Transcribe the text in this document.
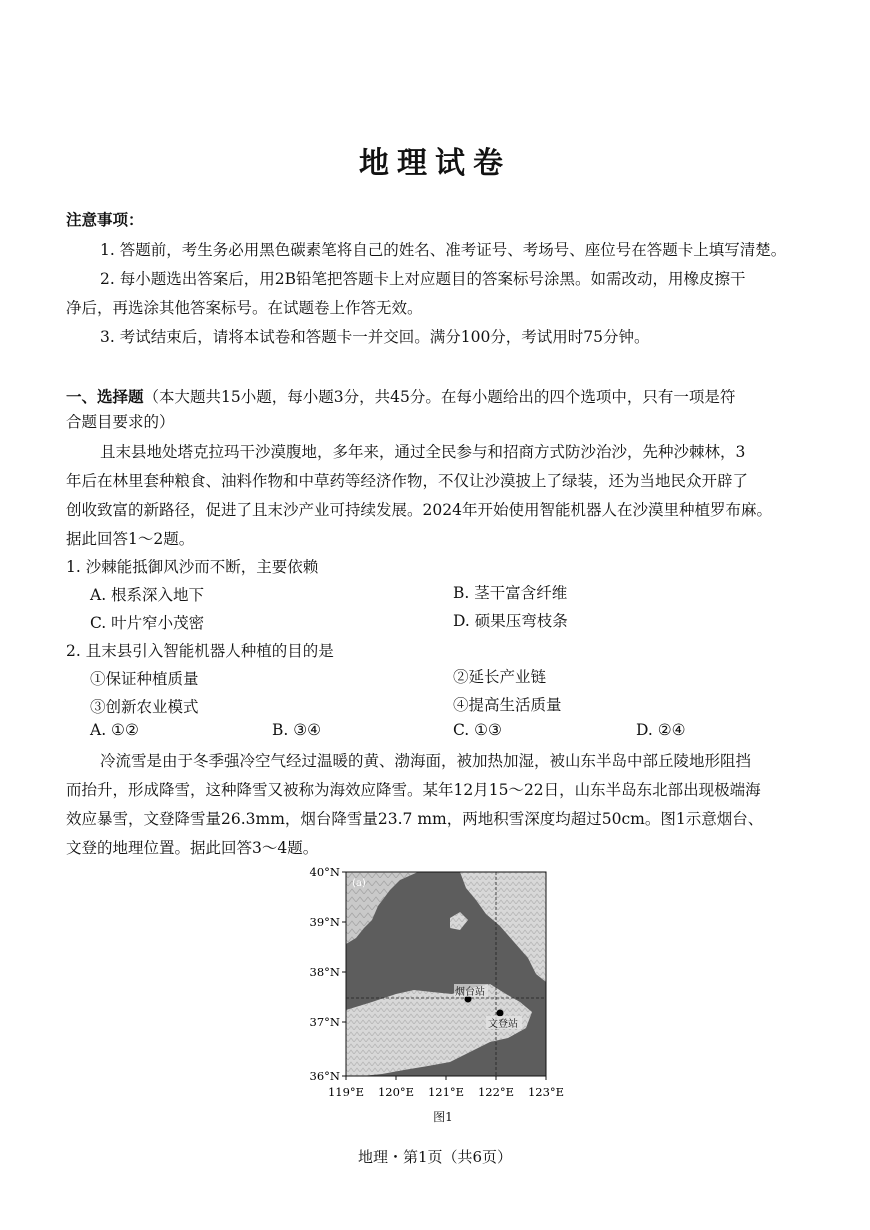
地理试卷
注意事项：
1. 答题前，考生务必用黑色碳素笔将自己的姓名、准考证号、考场号、座位号在答题卡上填写清楚。
2. 每小题选出答案后，用2B铅笔把答题卡上对应题目的答案标号涂黑。如需改动，用橡皮擦干
净后，再选涂其他答案标号。在试题卷上作答无效。
3. 考试结束后，请将本试卷和答题卡一并交回。满分100分，考试用时75分钟。
一、选择题（本大题共15小题，每小题3分，共45分。在每小题给出的四个选项中，只有一项是符
合题目要求的）
且末县地处塔克拉玛干沙漠腹地，多年来，通过全民参与和招商方式防沙治沙，先种沙棘林，3
年后在林里套种粮食、油料作物和中草药等经济作物，不仅让沙漠披上了绿装，还为当地民众开辟了
创收致富的新路径，促进了且末沙产业可持续发展。2024年开始使用智能机器人在沙漠里种植罗布麻。
据此回答1～2题。
1. 沙棘能抵御风沙而不断，主要依赖
A. 根系深入地下	B. 茎干富含纤维
C. 叶片窄小茂密	D. 硕果压弯枝条
2. 且末县引入智能机器人种植的目的是
①保证种植质量	②延长产业链
③创新农业模式	④提高生活质量
A. ①②	B. ③④	C. ①③	D. ②④
冷流雪是由于冬季强冷空气经过温暖的黄、渤海面，被加热加湿，被山东半岛中部丘陵地形阻挡
而抬升，形成降雪，这种降雪又被称为海效应降雪。某年12月15～22日，山东半岛东北部出现极端海
效应暴雪，文登降雪量26.3mm，烟台降雪量23.7 mm，两地积雪深度均超过50cm。图1示意烟台、
文登的地理位置。据此回答3～4题。
烟台站
文登站
(a)
40°N
39°N
38°N
37°N
36°N
119°E 120°E 121°E 122°E 123°E
图1
地理・第1页（共6页）
